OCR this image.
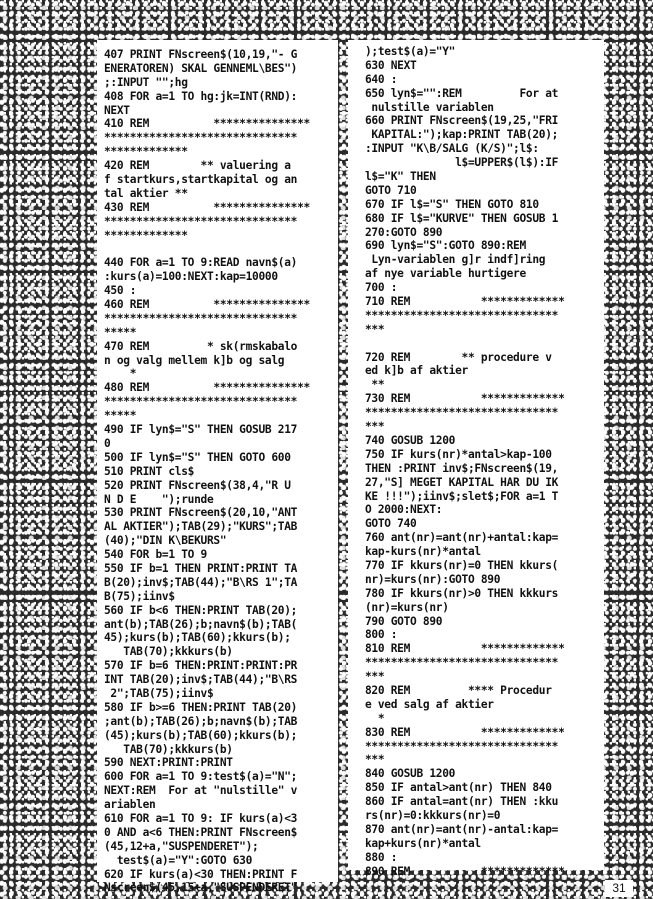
407 PRINT FNscreen$(10,19,"- G
ENERATOREN) SKAL GENNEML\BES")
;:INPUT "";hg
408 FOR a=1 TO hg:jk=INT(RND):
NEXT
410 REM          ***************
******************************
*************
420 REM        ** valuering a
f startkurs,startkapital og an
tal aktier **
430 REM          ***************
******************************
*************
440 FOR a=1 TO 9:READ navn$(a)
:kurs(a)=100:NEXT:kap=10000
450 :
460 REM          ***************
******************************
*****
470 REM         * sk(rmskabalo
n og valg mellem k]b og salg
*
480 REM          ***************
******************************
*****
490 IF lyn$="S" THEN GOSUB 217
0
500 IF lyn$="S" THEN GOTO 600
510 PRINT cls$
520 PRINT FNscreen$(38,4,"R U
N D E    ");runde
530 PRINT FNscreen$(20,10,"ANT
AL AKTIER");TAB(29);"KURS";TAB
(40);"DIN K\BEKURS"
540 FOR b=1 TO 9
550 IF b=1 THEN PRINT:PRINT TA
B(20);inv$;TAB(44);"B\RS 1";TA
B(75);iinv$
560 IF b<6 THEN:PRINT TAB(20);
ant(b);TAB(26);b;navn$(b);TAB(
45);kurs(b);TAB(60);kkurs(b);
TAB(70);kkkurs(b)
570 IF b=6 THEN:PRINT:PRINT:PR
INT TAB(20);inv$;TAB(44);"B\RS
2";TAB(75);iinv$
580 IF b>=6 THEN:PRINT TAB(20)
;ant(b);TAB(26);b;navn$(b);TAB
(45);kurs(b);TAB(60);kkurs(b);
TAB(70);kkkurs(b)
590 NEXT:PRINT:PRINT
600 FOR a=1 TO 9:test$(a)="N";
NEXT:REM  For at "nulstille" v
ariablen
610 FOR a=1 TO 9: IF kurs(a)<3
0 AND a<6 THEN:PRINT FNscreen$
(45,12+a,"SUSPENDERET");
test$(a)="Y":GOTO 630
620 IF kurs(a)<30 THEN:PRINT F
Nscreen$(45,15+a,"SUSPENDERET"
);test$(a)="Y"
630 NEXT
640 :
650 lyn$="":REM         For at
nulstille variablen
660 PRINT FNscreen$(19,25,"FRI
KAPITAL:");kap:PRINT TAB(20);
:INPUT "K\B/SALG (K/S)";l$:
l$=UPPER$(l$):IF
l$="K" THEN
GOTO 710
670 IF l$="S" THEN GOTO 810
680 IF l$="KURVE" THEN GOSUB 1
270:GOTO 890
690 lyn$="S":GOTO 890:REM
Lyn-variablen g]r indf]ring
af nye variable hurtigere
700 :
710 REM           *************
******************************
***
720 REM        ** procedure v
ed k]b af aktier
**
730 REM           *************
******************************
***
740 GOSUB 1200
750 IF kurs(nr)*antal>kap-100
THEN :PRINT inv$;FNscreen$(19,
27,"S] MEGET KAPITAL HAR DU IK
KE !!!");iinv$;slet$;FOR a=1 T
O 2000:NEXT:
GOTO 740
760 ant(nr)=ant(nr)+antal:kap=
kap-kurs(nr)*antal
770 IF kkurs(nr)=0 THEN kkurs(
nr)=kurs(nr):GOTO 890
780 IF kkurs(nr)>0 THEN kkkurs
(nr)=kurs(nr)
790 GOTO 890
800 :
810 REM           *************
******************************
***
820 REM         **** Procedur
e ved salg af aktier
*
830 REM           *************
******************************
***
840 GOSUB 1200
850 IF antal>ant(nr) THEN 840
860 IF antal=ant(nr) THEN :kku
rs(nr)=0:kkkurs(nr)=0
870 ant(nr)=ant(nr)-antal:kap=
kap+kurs(nr)*antal
880 :
890 REM           *************
31
